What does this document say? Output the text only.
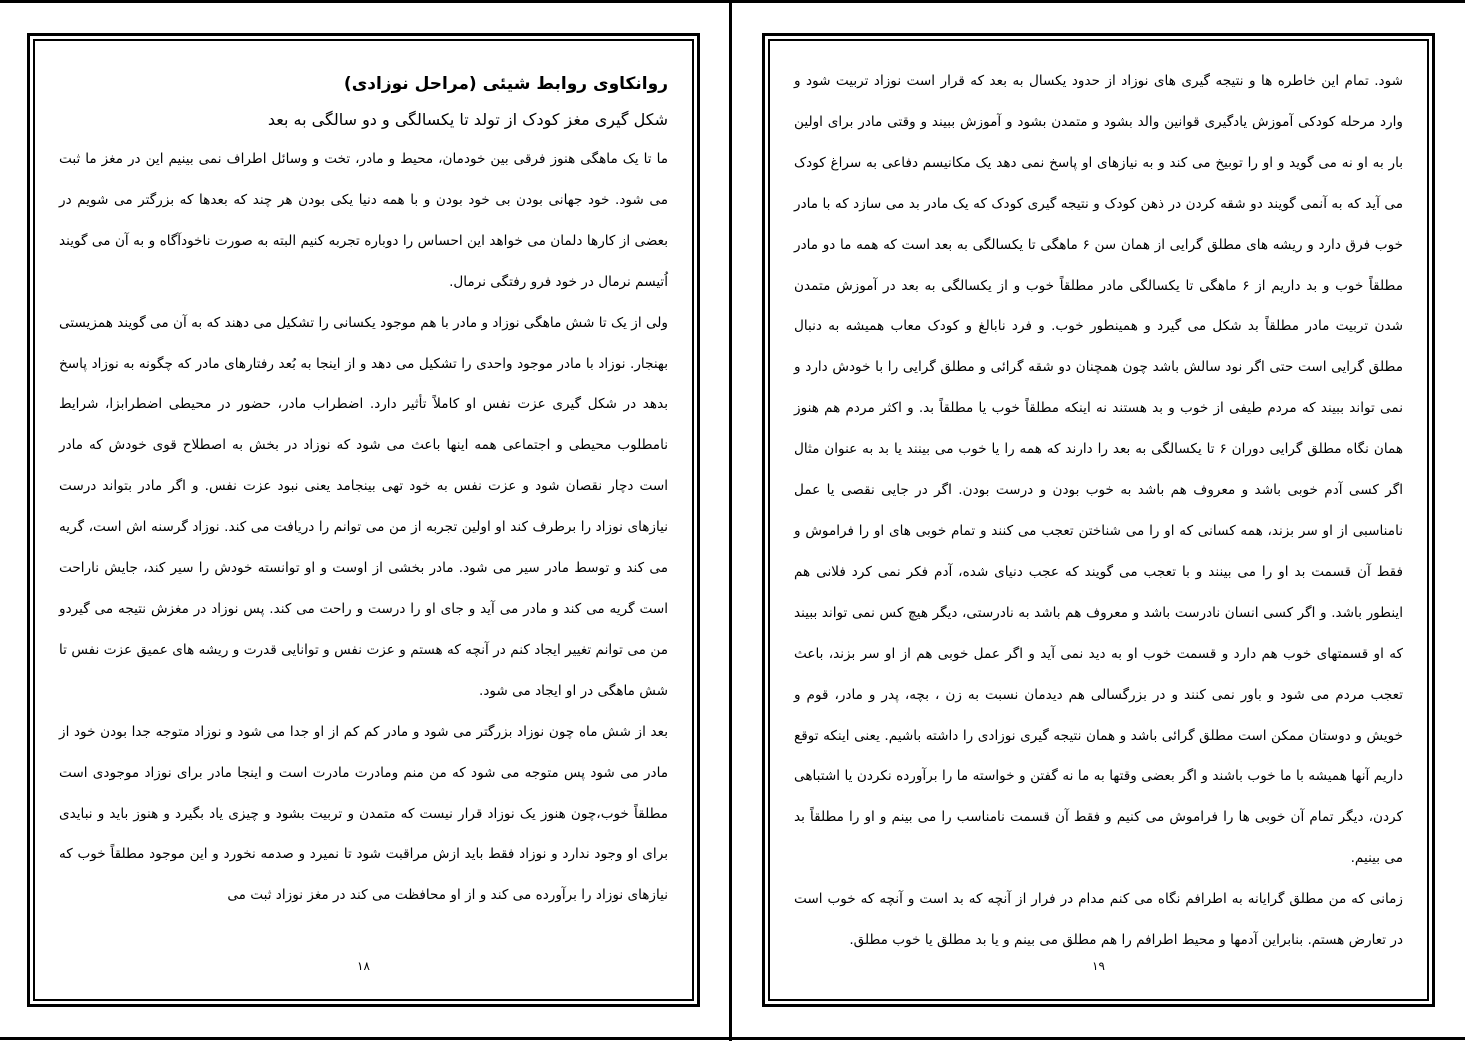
روانکاوی روابط شیئی (مراحل نوزادی)
شکل گیری مغز کودک از تولد تا یکسالگی و دو سالگی به بعد

ما تا یک ماهگی هنوز فرقی بین خودمان، محیط و مادر، تخت و وسائل اطراف نمی بینیم این در مغز ما ثبت می شود. خود جهانی بودن بی خود بودن و با همه دنیا یکی بودن هر چند که بعدها که بزرگتر می شویم در بعضی از کارها دلمان می خواهد این احساس را دوباره تجربه کنیم البته به صورت ناخودآگاه و به آن می گویند اُتیسم نرمال در خود فرو رفتگی نرمال.

ولی از یک تا شش ماهگی نوزاد و مادر با هم موجود یکسانی را تشکیل می دهند که به آن می گویند همزیستی بهنجار. نوزاد با مادر موجود واحدی را تشکیل می دهد و از اینجا به بُعد رفتارهای مادر که چگونه به نوزاد پاسخ بدهد در شکل گیری عزت نفس او کاملاً تأثیر دارد. اضطراب مادر، حضور در محیطی اضطرابزا، شرایط نامطلوب محیطی و اجتماعی همه اینها باعث می شود که نوزاد در بخش به اصطلاح قوی خودش که مادر است دچار نقصان شود و عزت نفس به خود تهی بینجامد یعنی نبود عزت نفس. و اگر مادر بتواند درست نیازهای نوزاد را برطرف کند او اولین تجربه از من می توانم را دریافت می کند. نوزاد گرسنه اش است، گریه می کند و توسط مادر سیر می شود. مادر بخشی از اوست و او توانسته خودش را سیر کند، جایش ناراحت است گریه می کند و مادر می آید و جای او را درست و راحت می کند. پس نوزاد در مغزش نتیجه می گیردو من می توانم تغییر ایجاد کنم در آنچه که هستم و عزت نفس و توانایی قدرت و ریشه های عمیق عزت نفس تا شش ماهگی در او ایجاد می شود.

بعد از شش ماه چون نوزاد بزرگتر می شود و مادر کم کم از او جدا می شود و نوزاد متوجه جدا بودن خود از مادر می شود پس متوجه می شود که من منم ومادرت مادرت است و اینجا مادر برای نوزاد موجودی است مطلقاً خوب،چون هنوز یک نوزاد قرار نیست که متمدن و تربیت بشود و چیزی یاد بگیرد و هنوز باید و نبایدی برای او وجود ندارد و نوزاد فقط باید ازش مراقبت شود تا نمیرد و صدمه نخورد و این موجود مطلقاً خوب که نیازهای نوزاد را برآورده می کند و از او محافظت می کند در مغز نوزاد ثبت می

۱۸

شود. تمام این خاطره ها و نتیجه گیری های نوزاد از حدود یکسال به بعد که قرار است نوزاد تربیت شود و وارد مرحله کودکی آموزش یادگیری قوانین والد بشود و متمدن بشود و آموزش ببیند و وقتی مادر برای اولین بار به او نه می گوید و او را توبیخ می کند و به نیازهای او پاسخ نمی دهد یک مکانیسم دفاعی به سراغ کودک می آید که به آنمی گویند دو شقه کردن در ذهن کودک و نتیجه گیری کودک که یک مادر بد می سازد که با مادر خوب فرق دارد و ریشه های مطلق گرایی از همان سن ۶ ماهگی تا یکسالگی به بعد است که همه ما دو مادر مطلقاً خوب و بد داریم از ۶ ماهگی تا یکسالگی مادر مطلقاً خوب و از یکسالگی به بعد در آموزش متمدن شدن تربیت مادر مطلقاً بد شکل می گیرد و همینطور خوب. و فرد نابالغ و کودک معاب همیشه به دنبال مطلق گرایی است حتی اگر نود سالش باشد چون همچنان دو شقه گرائی و مطلق گرایی را با خودش دارد و نمی تواند ببیند که مردم طیفی از خوب و بد هستند نه اینکه مطلقاً خوب یا مطلقاً بد. و اکثر مردم هم هنوز همان نگاه مطلق گرایی دوران ۶ تا یکسالگی به بعد را دارند که همه را یا خوب می بینند یا بد به عنوان مثال اگر کسی آدم خوبی باشد و معروف هم باشد به خوب بودن و درست بودن. اگر در جایی نقصی یا عمل نامناسبی از او سر بزند، همه کسانی که او را می شناختن تعجب می کنند و تمام خوبی های او را فراموش و فقط آن قسمت بد او را می بینند و با تعجب می گویند که عجب دنیای شده، آدم فکر نمی کرد فلانی هم اینطور باشد. و اگر کسی انسان نادرست باشد و معروف هم باشد به نادرستی، دیگر هیچ کس نمی تواند ببیند که او قسمتهای خوب هم دارد و قسمت خوب او به دید نمی آید و اگر عمل خوبی هم از او سر بزند، باعث تعجب مردم می شود و باور نمی کنند و در بزرگسالی هم دیدمان نسبت به زن ، بچه، پدر و مادر، قوم و خویش و دوستان ممکن است مطلق گرائی باشد و همان نتیجه گیری نوزادی را داشته باشیم. یعنی اینکه توقع داریم آنها همیشه با ما خوب باشند و اگر بعضی وقتها به ما نه گفتن و خواسته ما را برآورده نکردن یا اشتباهی کردن، دیگر تمام آن خوبی ها را فراموش می کنیم و فقط آن قسمت نامناسب را می بینم و او را مطلقاً بد می بینیم.

زمانی که من مطلق گرایانه به اطرافم نگاه می کنم مدام در فرار از آنچه که بد است و آنچه که خوب است در تعارض هستم. بنابراین آدمها و محیط اطرافم را هم مطلق می بینم و یا بد مطلق یا خوب مطلق.

۱۹
